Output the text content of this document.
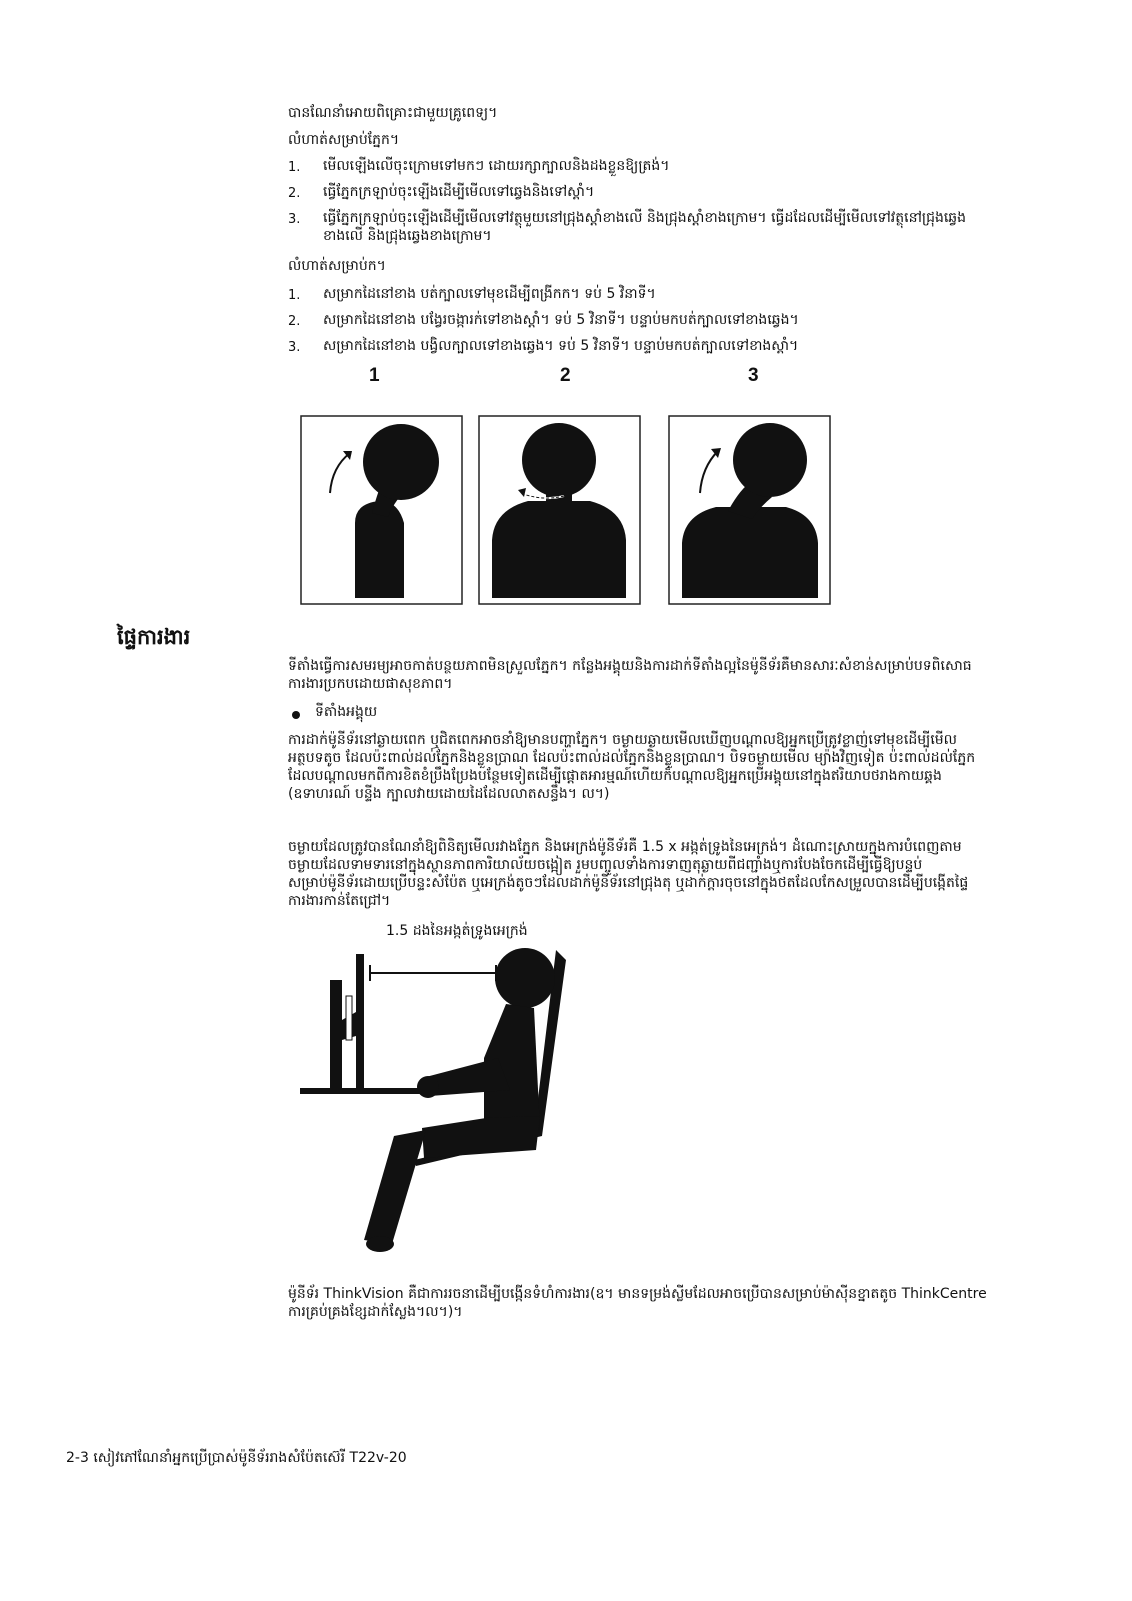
បានណែនាំអោយពិគ្រោះជាមួយគ្រូពេទ្យ។
លំហាត់សម្រាប់ភ្នែក។
1. មើលឡើងលើចុះក្រោមទៅមកៗ ដោយរក្សាក្បាលនិងដងខ្លួនឱ្យត្រង់។
2. ធ្វើភ្នែកក្រឡាប់ចុះឡើងដើម្បីមើលទៅឆ្វេងនិងទៅស្តាំ។
3. ធ្វើភ្នែកក្រឡាប់ចុះឡើងដើម្បីមើលទៅវត្ថុមួយនៅជ្រុងស្តាំខាងលើ និងជ្រុងស្តាំខាងក្រោម។ ធ្វើដដែលដើម្បីមើលទៅវត្ថុនៅជ្រុងឆ្វេងខាងលើ និងជ្រុងឆ្វេងខាងក្រោម។
លំហាត់សម្រាប់ក។
1. សម្រាកដៃនៅខាង បត់ក្បាលទៅមុខដើម្បីពង្រីកក។ ទប់ 5 វិនាទី។
2. សម្រាកដៃនៅខាង បង្វែរចង្ការក់ទៅខាងស្តាំ។ ទប់ 5 វិនាទី។ បន្ទាប់មកបត់ក្បាលទៅខាងឆ្វេង។
3. សម្រាកដៃនៅខាង បង្វិលក្បាលទៅខាងឆ្វេង។ ទប់ 5 វិនាទី។ បន្ទាប់មកបត់ក្បាលទៅខាងស្តាំ។
1	2	3
ផ្ទៃការងារ
ទីតាំងធ្វើការសមរម្យអាចកាត់បន្ថយភាពមិនស្រួលភ្នែក។ កន្លែងអង្គុយនិងការដាក់ទីតាំងល្អនៃម៉ូនីទ័រគឺមានសារៈសំខាន់សម្រាប់បទពិសោធការងារប្រកបដោយផាសុខភាព។
ទីតាំងអង្គុយ
ការដាក់ម៉ូនីទ័រនៅឆ្ងាយពេក ឬជិតពេកអាចនាំឱ្យមានបញ្ហាភ្នែក។ ចម្ងាយឆ្ងាយមើលឃើញបណ្តាលឱ្យអ្នកប្រើត្រូវខ្លាញ់ទៅមុខដើម្បីមើលអត្ថបទតូច ដែលប៉ះពាល់ដល់ភ្នែកនិងខ្លួនប្រាណ ដែលប៉ះពាល់ដល់ភ្នែកនិងខ្លួនប្រាណ។ បិទចម្ងាយមើល ម្យ៉ាងវិញទៀត ប៉ះពាល់ដល់ភ្នែកដែលបណ្តាលមកពីការខិតខំប្រឹងប្រែងបន្ថែមទៀតដើម្បីផ្តោតអារម្មណ៍ហើយក៏បណ្តាលឱ្យអ្នកប្រើអង្គុយនៅក្នុងឥរិយាបថរាងកាយឆ្គង (ឧទាហរណ៍ បន្ទីង ក្បាលវាយដោយដៃដែលលាតសន្ធឹង។ ល។)
ចម្ងាយដែលត្រូវបានណែនាំឱ្យពិនិត្យមើលរវាងភ្នែក និងអេក្រង់ម៉ូនីទ័រគឺ 1.5 x អង្កត់ទ្រូងនៃអេក្រង់។ ដំណោះស្រាយក្នុងការបំពេញតាមចម្ងាយដែលទាមទារនៅក្នុងស្ថានភាពការិយាល័យចង្អៀត រួមបញ្ចូលទាំងការទាញតុឆ្ងាយពីជញ្ជាំងឬការបែងចែកដើម្បីធ្វើឱ្យបន្ទប់សម្រាប់ម៉ូនីទ័រដោយប្រើបន្ទះសំប៉ែត ឬអេក្រង់តូចៗដែលដាក់ម៉ូនីទ័រនៅជ្រុងតុ ឬដាក់ក្តារចុចនៅក្នុងថតដែលកែសម្រួលបានដើម្បីបង្កើតផ្ទៃការងារកាន់តែជ្រៅ។
1.5 ដងនៃអង្កត់ទ្រូងអេក្រង់
ម៉ូនីទ័រ ThinkVision គឺជាការរចនាដើម្បីបង្កើនទំហំការងារ(ឧ។ មានទម្រង់ស្លីមដែលអាចប្រើបានសម្រាប់ម៉ាស៊ីនខ្នាតតូច ThinkCentre ការគ្រប់គ្រងខ្សែដាក់ស្លែង។ល។)។
2-3 សៀវភៅណែនាំអ្នកប្រើប្រាស់ម៉ូនីទ័ររាងសំប៉ែតស៊េរី T22v-20
